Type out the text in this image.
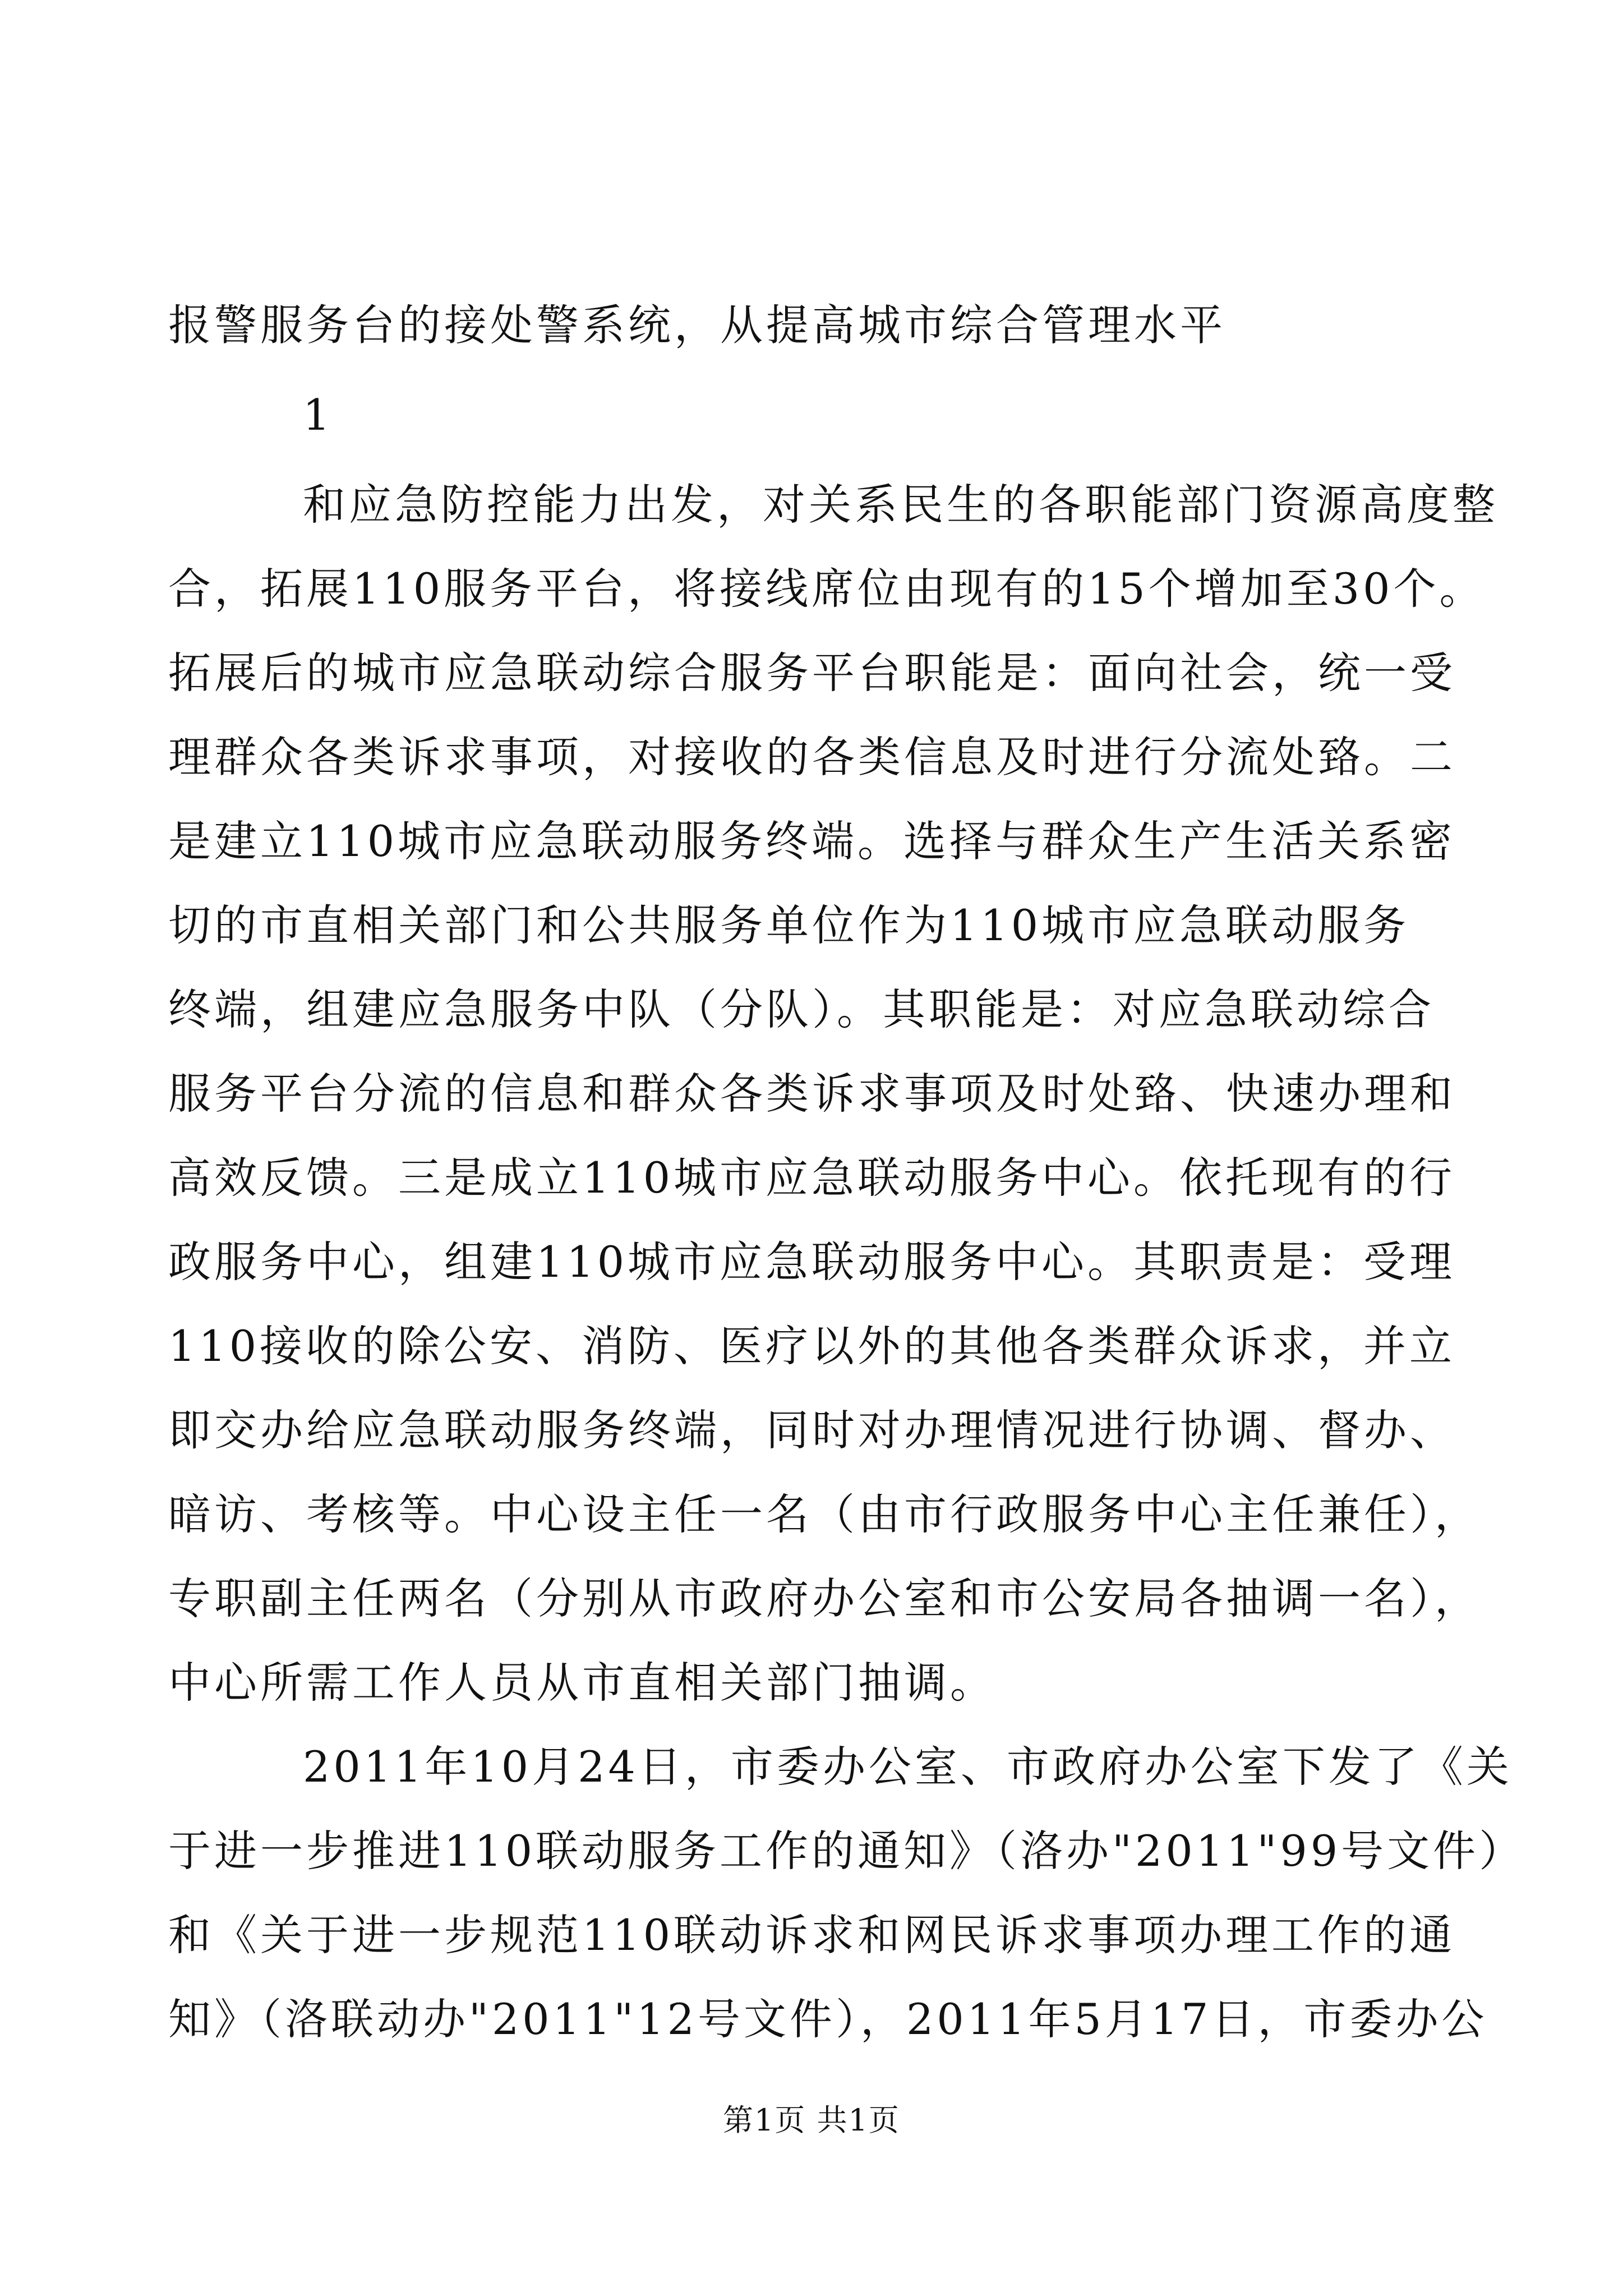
报警服务台的接处警系统，从提高城市综合管理水平
1
和应急防控能力出发，对关系民生的各职能部门资源高度整
合，拓展110服务平台，将接线席位由现有的15个增加至30个。
拓展后的城市应急联动综合服务平台职能是：面向社会，统一受
理群众各类诉求事项，对接收的各类信息及时进行分流处臵。二
是建立110城市应急联动服务终端。选择与群众生产生活关系密
切的市直相关部门和公共服务单位作为110城市应急联动服务
终端，组建应急服务中队（分队）。其职能是：对应急联动综合
服务平台分流的信息和群众各类诉求事项及时处臵、快速办理和
高效反馈。三是成立110城市应急联动服务中心。依托现有的行
政服务中心，组建110城市应急联动服务中心。其职责是：受理
110接收的除公安、消防、医疗以外的其他各类群众诉求，并立
即交办给应急联动服务终端，同时对办理情况进行协调、督办、
暗访、考核等。中心设主任一名（由市行政服务中心主任兼任），
专职副主任两名（分别从市政府办公室和市公安局各抽调一名），
中心所需工作人员从市直相关部门抽调。
2011年10月24日，市委办公室、市政府办公室下发了《关
于进一步推进110联动服务工作的通知》（洛办"2011"99号文件）
和《关于进一步规范110联动诉求和网民诉求事项办理工作的通
知》（洛联动办"2011"12号文件），2011年5月17日，市委办公
第1页 共1页
